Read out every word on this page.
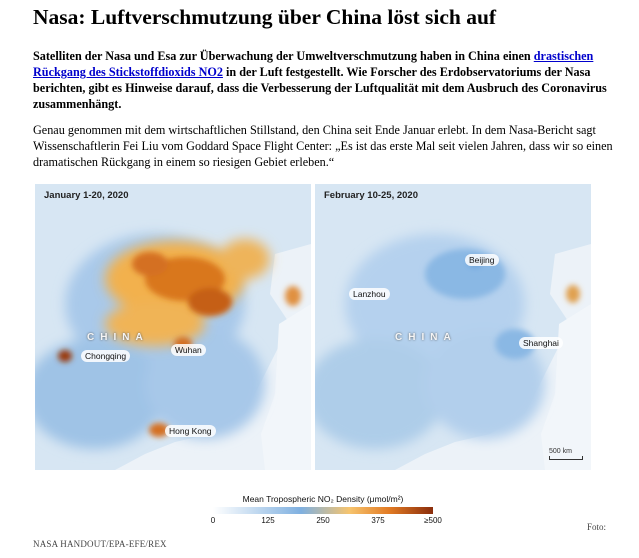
Nasa: Luftverschmutzung über China löst sich auf
Satelliten der Nasa und Esa zur Überwachung der Umweltverschmutzung haben in China einen drastischen Rückgang des Stickstoffdioxids NO2 in der Luft festgestellt. Wie Forscher des Erdobservatoriums der Nasa berichten, gibt es Hinweise darauf, dass die Verbesserung der Luftqualität mit dem Ausbruch des Coronavirus zusammenhängt.
Genau genommen mit dem wirtschaftlichen Stillstand, den China seit Ende Januar erlebt. In dem Nasa-Bericht sagt Wissenschaftlerin Fei Liu vom Goddard Space Flight Center: „Es ist das erste Mal seit vielen Jahren, dass wir so einen dramatischen Rückgang in einem so riesigen Gebiet erleben.“
January 1-20, 2020
CHINA
Chongqing
Wuhan
Hong Kong
February 10-25, 2020
Beijing
Lanzhou
CHINA	Shanghai
500 km
Mean Tropospheric NO₂ Density (μmol/m²)
0	125	250	375	≥500
Foto:
NASA HANDOUT/EPA-EFE/REX
